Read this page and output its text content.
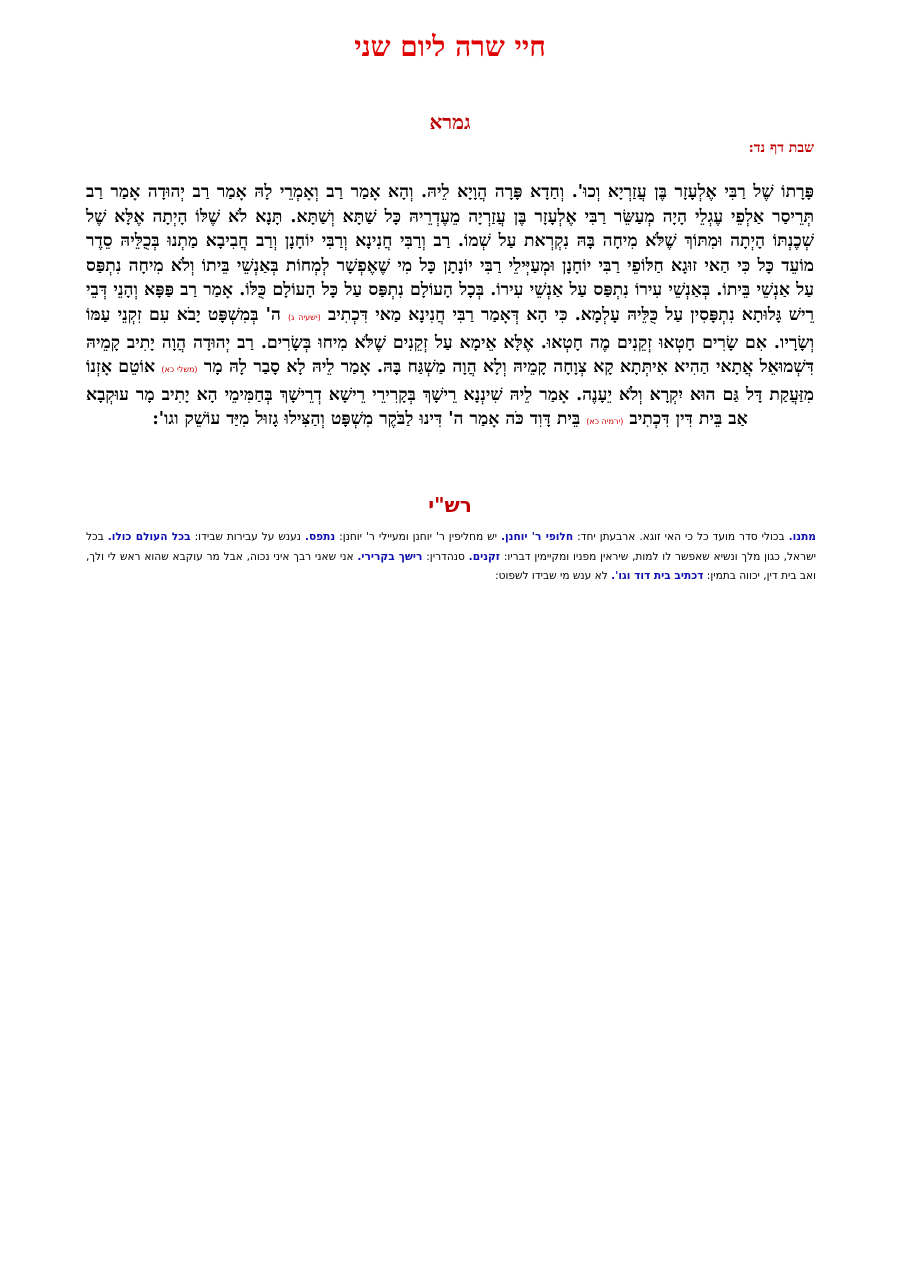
חיי שרה ליום שני
גמרא
שבת דף נד:

פָּרָתוֹ שֶׁל רַבִּי אֶלְעָזָר בֶּן עֲזַרְיָא וְכוּ'. וְחַדָא פָּרָה הֲוָיָא לֵיהּ. וְהָא אָמַר רַב וְאָמְרֵי לָהּ אָמַר רַב יְהוּדָה אָמַר רַב תְּרֵיסַר אַלְפֵי עֶגְלֵי הָיָה מְעַשֵּׂר רַבִּי אֶלְעָזָר בֶּן עֲזַרְיָה מֵעֶדְרֵיהּ כָּל שַׁתָּא וְשַׁתָּא. תָּנָא לֹא שֶׁלּוֹ הָיְתָה אֶלָּא שֶׁל שְׁכֶנְתּוֹ הָיְתָה וּמִתּוֹךְ שֶׁלֹּא מִיחָה בָּהּ נִקְרְאת עַל שְׁמוֹ. רַב וְרַבִּי חֲנִינָא וְרַבִּי יוֹחָנָן וְרַב חֲבִיבָא מַתְנוּ בְּכֻלֵּיהּ סֵדֶר מוֹעֵד כָּל כִּי הַאי זוּגָא חַלּוֹפֵי רַבִּי יוֹחָנָן וּמְעַיְּילֵי רַבִּי יוֹנָתָן כָּל מִי שֶׁאֶפְשָׁר לְמְחוֹת בְּאַנְשֵׁי בֵּיתוֹ וְלֹא מִיחָה נִתְפַּס עַל אַנְשֵׁי בֵּיתוֹ. בְּאַנְשֵׁי עִירוֹ נִתְפַּס עַל אַנְשֵׁי עִירוֹ. בְּכָל הָעוֹלָם נִתְפַּס עַל כָּל הָעוֹלָם כֻּלּוֹ. אָמַר רַב פַּפָּא וְהָנֵי דְּבֵי רֵישׁ גָּלוּתָא נִתְפָּסִין עַל כֻּלֵּיהּ עָלְמָא. כִּי הָא דְּאָמַר רַבִּי חֲנִינָא מַאי דִּכְתִיב (ישעיה ג) ה' בְּמִשְׁפָּט יָבֹא עִם זִקְנֵי עַמּוֹ וְשָׂרָיו. אִם שָׂרִים חָטְאוּ זְקֵנִים מֶה חָטְאוּ. אֶלָּא אֵימָא עַל זְקֵנִים שֶׁלֹּא מִיחוּ בְּשָׂרִים. רַב יְהוּדָה הֲוָה יָתִיב קָמֵיהּ דִּשְׁמוּאֵל אֲתָאי הַהִיא אִיתְּתָא קָא צְוָחָה קָמֵיהּ וְלָא הֲוָה מַשְׁגַּח בָּהּ. אָמַר לֵיהּ לָא סָבַר לָהּ מָר (משלי כא) אוֹטֵם אָזְנוֹ מִזַּעֲקַת דָּל גַּם הוּא יִקְרָא וְלֹא יֵעָנֶה. אָמַר לֵיהּ שִׁינְנָא רֵישָׁךְ בְּקָרִירֵי רֵישָׁא דְרֵישָׁךְ בְּחַמִּימֵי הָא יָתִיב מָר עוּקְבָא אַב בֵּית דִּין דִּכְתִיב (ירמיה כא) בֵּית דָּוִד כֹּה אָמַר ה' דִּינוּ לַבֹּקֶר מִשְׁפָּט וְהַצִּילוּ גָזוּל מִיַּד עוֹשֵׁק וגו':

רש"י

מתנו. בכולי סדר מועד כל כי האי זוגא. ארבעתן יחד: חלופי ר' יוחנן. יש מחליפין ר' יוחנן ומעיילי ר' יוחנן: נתפס. נענש על עבירות שבידו: בכל העולם כולו. בכל ישראל, כגון מלך ונשיא שאפשר לו למות, שיראין מפניו ומקיימין דבריו: זקנים. סנהדרין: רישך בקרירי. אני שאני רבך איני נכוה, אבל מר עוקבא שהוא ראש לי ולך, ואב בית דין, יכווה בתמין: דכתיב בית דוד וגו'. לא ענש מי שבידו לשפוט:
